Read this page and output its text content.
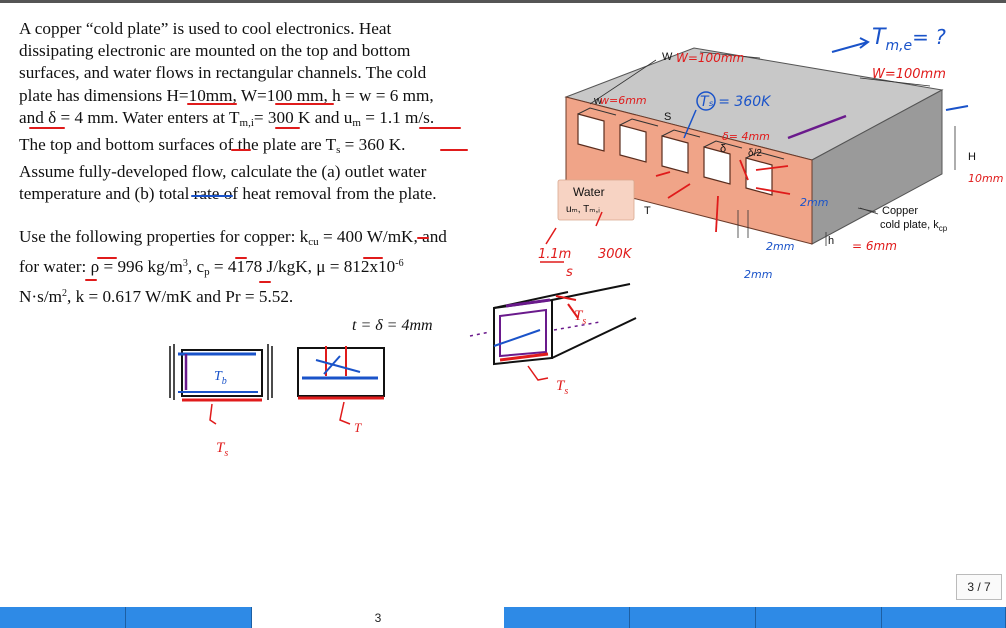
A copper “cold plate” is used to cool electronics. Heat
dissipating electronic are mounted on the top and bottom
surfaces, and water flows in rectangular channels. The cold
plate has dimensions H=10mm, W=100 mm, h = w = 6 mm,
and δ = 4 mm. Water enters at $T_{m,i}= 300$ K and $u_m = 1.1$ m/s.
The top and bottom surfaces of the plate are $T_s = 360$ K.
Assume fully-developed flow, calculate the (a) outlet water
temperature and (b) total rate of heat removal from the plate.

Use the following properties for copper: $k_{cu} = 400$ W/mK, and
for water: ρ = 996 $kg/m^3$, $c_p = 4178$ J/kgK, $\mu = 812x10^{-6}$
$N\cdot s/m^2$, k = 0.617 W/mK and Pr = 5.52.

W
w
S
δ δ/2	H
h
T	Copper
cold plate, $k_{cp}$
Water
uₘ, Tₘ,ᵢ
$T_{m,e}=$ ?
W=100mm
W=100mm
w=6mm	Tₛ = 360K
δ= 4mm
10mm
2mm
2mm
2mm
= 6mm
1.1m
s
300K
t = δ = 4mm
$T_b$
$T_s$
T
$T_s$
$T_s$
3 / 7
3
